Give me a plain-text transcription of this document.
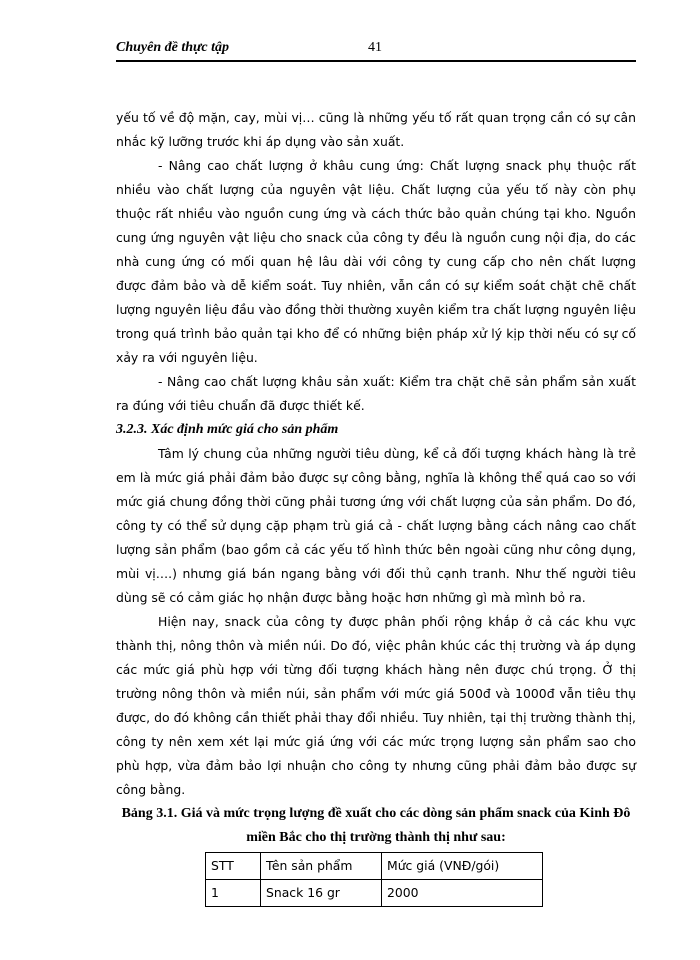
Chuyên đề thực tập	41

yếu tố về độ mặn, cay, mùi vị… cũng là những yếu tố rất quan trọng cần có sự cân nhắc kỹ lưỡng trước khi áp dụng vào sản xuất.

- Nâng cao chất lượng ở khâu cung ứng: Chất lượng snack phụ thuộc rất nhiều vào chất lượng của nguyên vật liệu. Chất lượng của yếu tố này còn phụ thuộc rất nhiều vào nguồn cung ứng và cách thức bảo quản chúng tại kho. Nguồn cung ứng nguyên vật liệu cho snack của công ty đều là nguồn cung nội địa, do các nhà cung ứng có mối quan hệ lâu dài với công ty cung cấp cho nên chất lượng được đảm bảo và dễ kiểm soát. Tuy nhiên, vẫn cần có sự kiểm soát chặt chẽ chất lượng nguyên liệu đầu vào đồng thời thường xuyên kiểm tra chất lượng nguyên liệu trong quá trình bảo quản tại kho để có những biện pháp xử lý kịp thời nếu có sự cố xảy ra với nguyên liệu.

- Nâng cao chất lượng khâu sản xuất: Kiểm tra chặt chẽ sản phẩm sản xuất ra đúng với tiêu chuẩn đã được thiết kế.

3.2.3. Xác định mức giá cho sản phẩm

Tâm lý chung của những người tiêu dùng, kể cả đối tượng khách hàng là trẻ em là mức giá phải đảm bảo được sự công bằng, nghĩa là không thể quá cao so với mức giá chung đồng thời cũng phải tương ứng với chất lượng của sản phẩm. Do đó, công ty có thể sử dụng cặp phạm trù giá cả - chất lượng bằng cách nâng cao chất lượng sản phẩm (bao gồm cả các yếu tố hình thức bên ngoài cũng như công dụng, mùi vị….) nhưng giá bán ngang bằng với đối thủ cạnh tranh. Như thế người tiêu dùng sẽ có cảm giác họ nhận được bằng hoặc hơn những gì mà mình bỏ ra.

Hiện nay, snack của công ty được phân phối rộng khắp ở cả các khu vực thành thị, nông thôn và miền núi. Do đó, việc phân khúc các thị trường và áp dụng các mức giá phù hợp với từng đối tượng khách hàng nên được chú trọng. Ở thị trường nông thôn và miền núi, sản phẩm với mức giá 500đ và 1000đ vẫn tiêu thụ được, do đó không cần thiết phải thay đổi nhiều. Tuy nhiên, tại thị trường thành thị, công ty nên xem xét lại mức giá ứng với các mức trọng lượng sản phẩm sao cho phù hợp, vừa đảm bảo lợi nhuận cho công ty nhưng cũng phải đảm bảo được sự công bằng.

Bảng 3.1. Giá và mức trọng lượng đề xuất cho các dòng sản phẩm snack của Kinh Đô miền Bắc cho thị trường thành thị như sau:

STT	Tên sản phẩm	Mức giá (VNĐ/gói)
1	Snack 16 gr	2000
